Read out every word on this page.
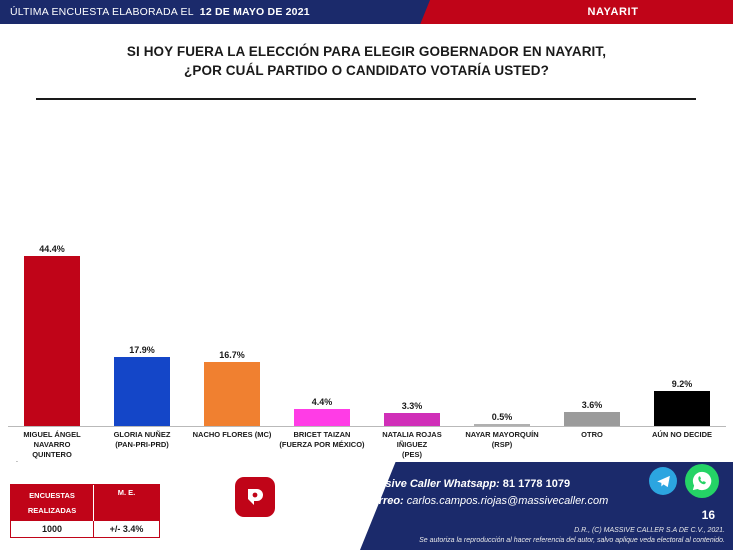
ÚLTIMA ENCUESTA ELABORADA EL 12 DE MAYO DE 2021	NAYARIT
SI HOY FUERA LA ELECCIÓN PARA ELEGIR GOBERNADOR EN NAYARIT,
¿POR CUÁL PARTIDO O CANDIDATO VOTARÍA USTED?
44.4%
17.9%	16.7%
4.4%	3.3%
0.5%
3.6%
9.2%
MIGUEL ÁNGEL NAVARRO
QUINTERO
GLORIA NUÑEZ
(PAN-PRI-PRD)
NACHO FLORES (MC)	BRICET TAIZAN
(FUERZA POR MÉXICO)
NATALIA ROJAS IÑIGUEZ
(PES)
NAYAR MAYORQUÍN (RSP)
OTRO	AÚN NO DECIDE
ENCUESTAS
REALIZADAS
M. E.
1000	+/- 3.4%	Massive
Caller
Massive Caller Whatsapp: 81 1778 1079
Correo: carlos.campos.riojas@massivecaller.com
16
D.R., (C) MASSIVE CALLER S.A DE C.V., 2021.
Se autoriza la reproducción al hacer referencia del autor, salvo aplique veda electoral al contenido.
